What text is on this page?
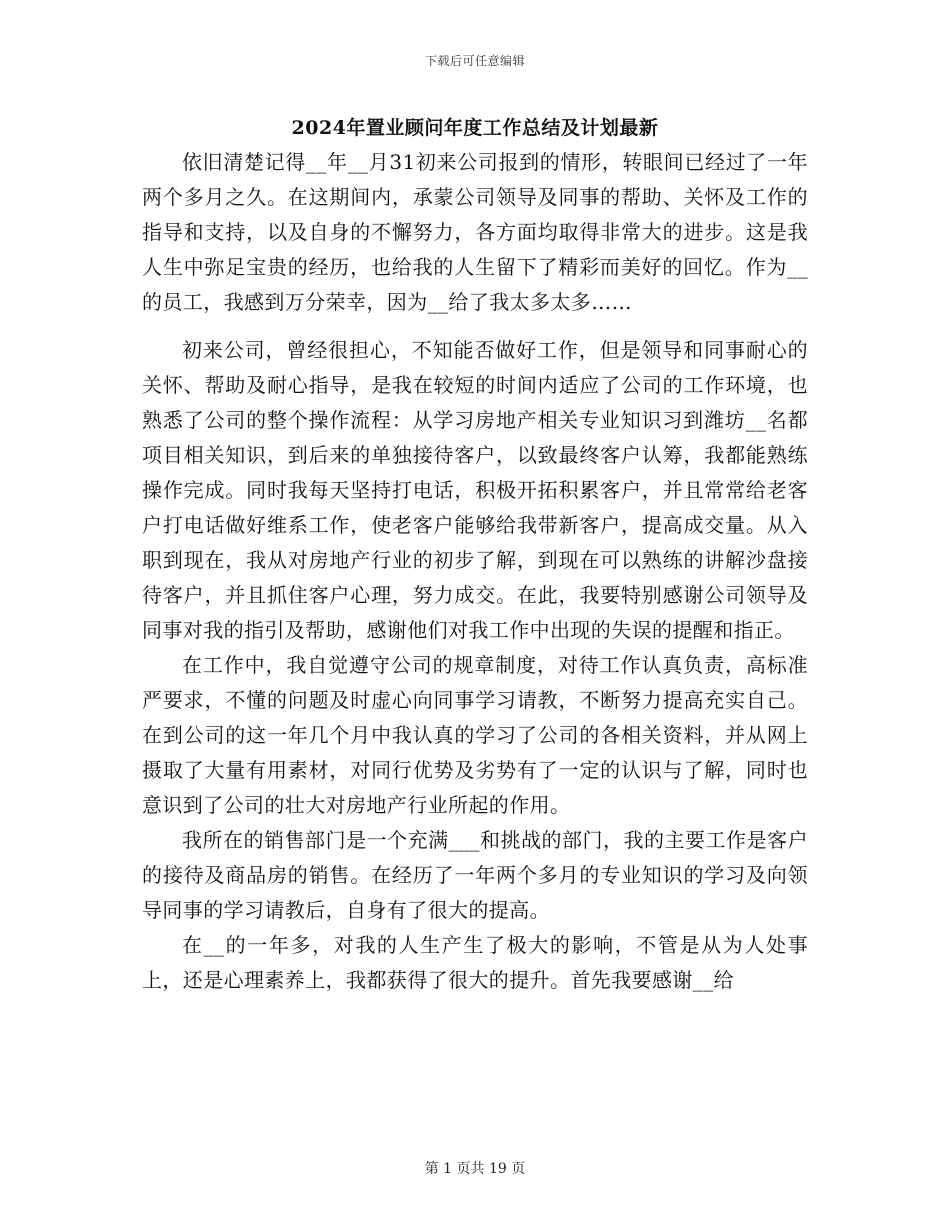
下载后可任意编辑
2024年置业顾问年度工作总结及计划最新

依旧清楚记得__年__月31初来公司报到的情形，转眼间已经过了一年两个多月之久。在这期间内，承蒙公司领导及同事的帮助、关怀及工作的指导和支持，以及自身的不懈努力，各方面均取得非常大的进步。这是我人生中弥足宝贵的经历，也给我的人生留下了精彩而美好的回忆。作为__的员工，我感到万分荣幸，因为__给了我太多太多……

初来公司，曾经很担心，不知能否做好工作，但是领导和同事耐心的关怀、帮助及耐心指导，是我在较短的时间内适应了公司的工作环境，也熟悉了公司的整个操作流程：从学习房地产相关专业知识习到潍坊__名都项目相关知识，到后来的单独接待客户，以致最终客户认筹，我都能熟练操作完成。同时我每天坚持打电话，积极开拓积累客户，并且常常给老客户打电话做好维系工作，使老客户能够给我带新客户，提高成交量。从入职到现在，我从对房地产行业的初步了解，到现在可以熟练的讲解沙盘接待客户，并且抓住客户心理，努力成交。在此，我要特别感谢公司领导及同事对我的指引及帮助，感谢他们对我工作中出现的失误的提醒和指正。

在工作中，我自觉遵守公司的规章制度，对待工作认真负责，高标准严要求，不懂的问题及时虚心向同事学习请教，不断努力提高充实自己。在到公司的这一年几个月中我认真的学习了公司的各相关资料，并从网上摄取了大量有用素材，对同行优势及劣势有了一定的认识与了解，同时也意识到了公司的壮大对房地产行业所起的作用。

我所在的销售部门是一个充满___和挑战的部门，我的主要工作是客户的接待及商品房的销售。在经历了一年两个多月的专业知识的学习及向领导同事的学习请教后，自身有了很大的提高。

在__的一年多，对我的人生产生了极大的影响，不管是从为人处事上，还是心理素养上，我都获得了很大的提升。首先我要感谢__给

第 1 页共 19 页
